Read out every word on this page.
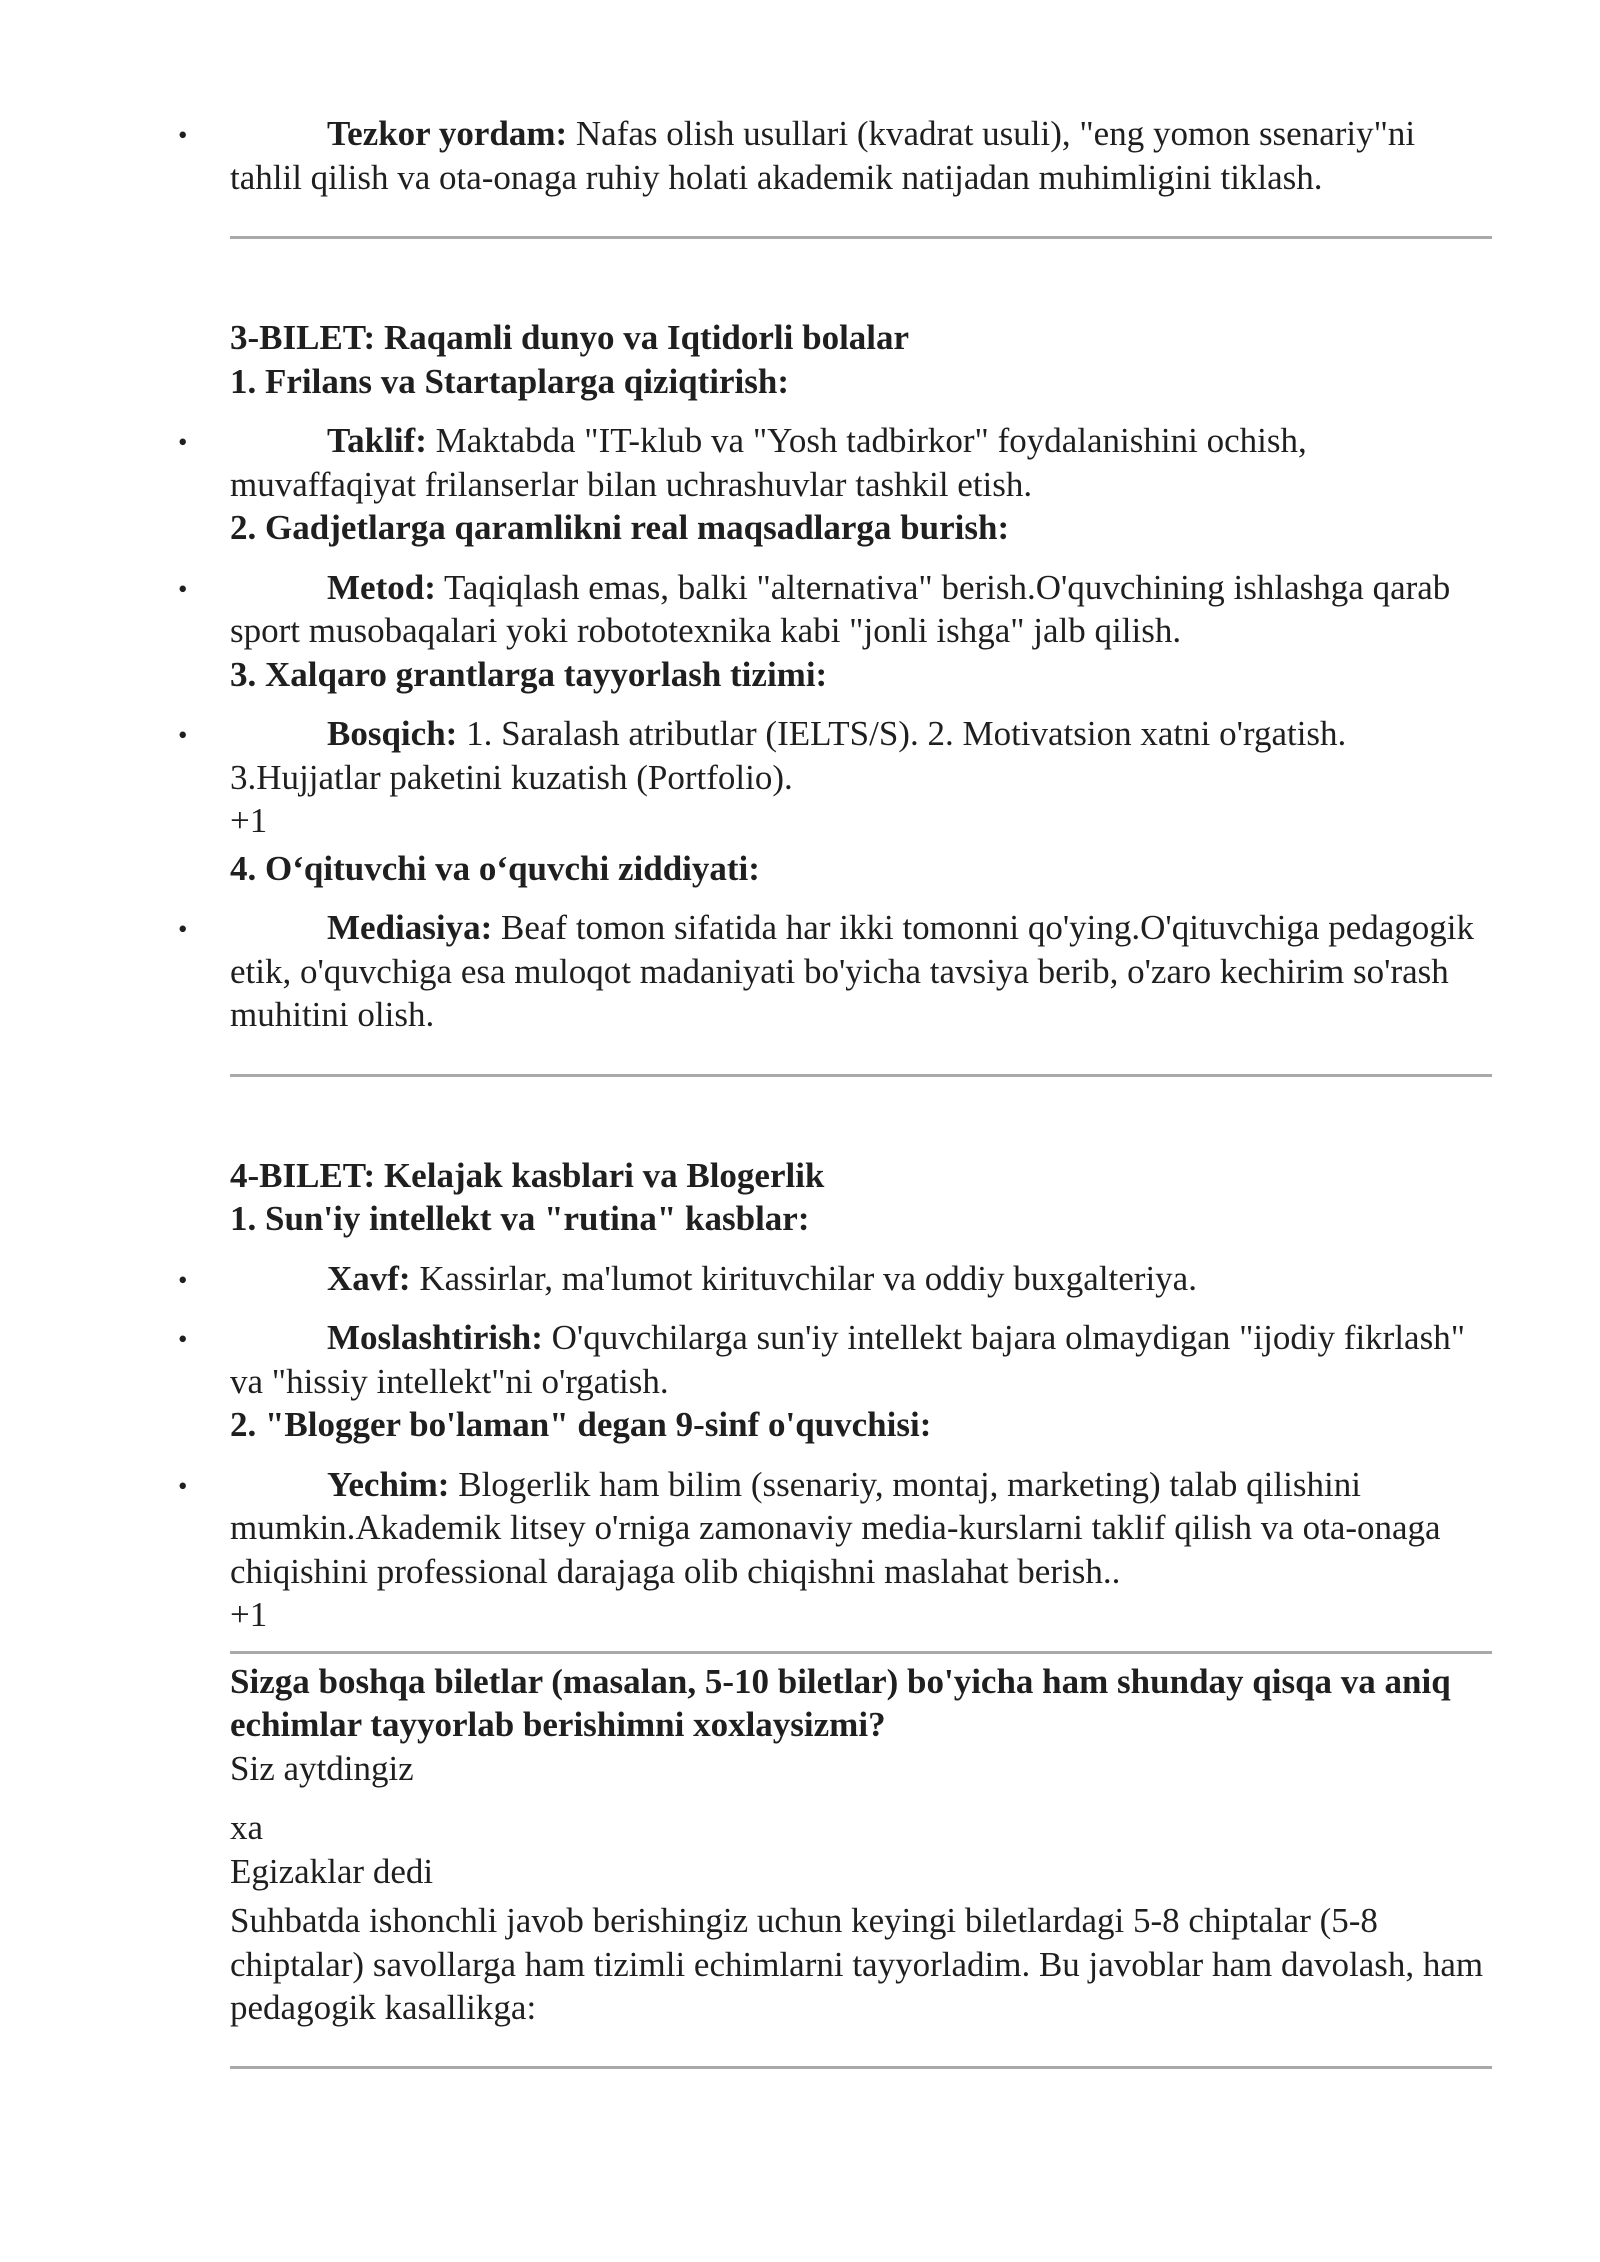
• Tezkor yordam: Nafas olish usullari (kvadrat usuli), "eng yomon ssenariy"ni tahlil qilish va ota-onaga ruhiy holati akademik natijadan muhimligini tiklash.

3-BILET: Raqamli dunyo va Iqtidorli bolalar

1. Frilans va Startaplarga qiziqtirish:

• Taklif: Maktabda "IT-klub va "Yosh tadbirkor" foydalanishini ochish, muvaffaqiyat frilanserlar bilan uchrashuvlar tashkil etish.

2. Gadjetlarga qaramlikni real maqsadlarga burish:

• Metod: Taqiqlash emas, balki "alternativa" berish.O'quvchining ishlashga qarab sport musobaqalari yoki robototexnika kabi "jonli ishga" jalb qilish.

3. Xalqaro grantlarga tayyorlash tizimi:

• Bosqich: 1. Saralash atributlar (IELTS/S). 2. Motivatsion xatni o'rgatish. 3.Hujjatlar paketini kuzatish (Portfolio).

+1

4. O‘qituvchi va o‘quvchi ziddiyati:

• Mediasiya: Beaf tomon sifatida har ikki tomonni qo'ying.O'qituvchiga pedagogik etik, o'quvchiga esa muloqot madaniyati bo'yicha tavsiya berib, o'zaro kechirim so'rash muhitini olish.

4-BILET: Kelajak kasblari va Blogerlik

1. Sun'iy intellekt va "rutina" kasblar:

• Xavf: Kassirlar, ma'lumot kirituvchilar va oddiy buxgalteriya.

• Moslashtirish: O'quvchilarga sun'iy intellekt bajara olmaydigan "ijodiy fikrlash" va "hissiy intellekt"ni o'rgatish.

2. "Blogger bo'laman" degan 9-sinf o'quvchisi:

• Yechim: Blogerlik ham bilim (ssenariy, montaj, marketing) talab qilishini mumkin.Akademik litsey o'rniga zamonaviy media-kurslarni taklif qilish va ota-onaga chiqishini professional darajaga olib chiqishni maslahat berish..

+1

Sizga boshqa biletlar (masalan, 5-10 biletlar) bo'yicha ham shunday qisqa va aniq echimlar tayyorlab berishimni xoxlaysizmi?

Siz aytdingiz

xa

Egizaklar dedi

Suhbatda ishonchli javob berishingiz uchun keyingi biletlardagi 5-8 chiptalar (5-8 chiptalar) savollarga ham tizimli echimlarni tayyorladim. Bu javoblar ham davolash, ham pedagogik kasallikga:
